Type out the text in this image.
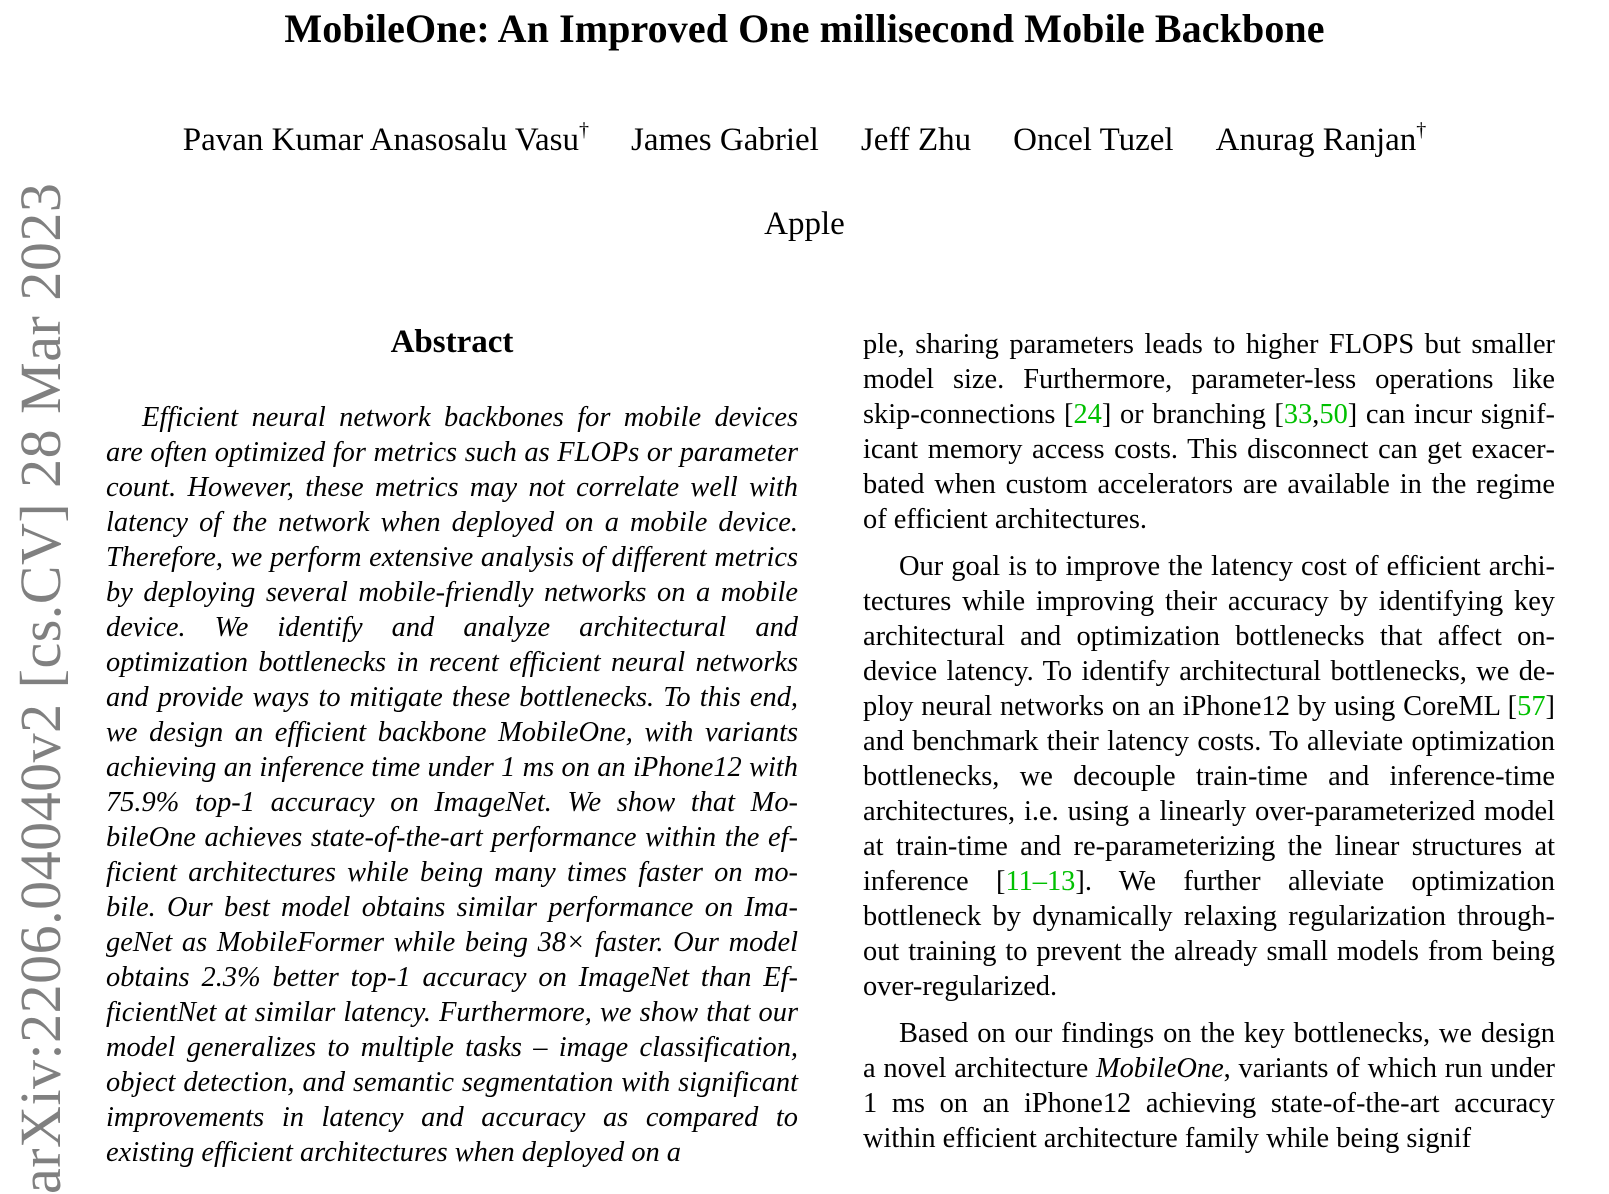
MobileOne: An Improved One millisecond Mobile Backbone
Pavan Kumar Anasosalu Vasu† James Gabriel Jeff Zhu Oncel Tuzel Anurag Ranjan†
Apple
arXiv:2206.04040v2 [cs.CV] 28 Mar 2023	Abstract

Efficient neural network backbones for mobile devices are often optimized for metrics such as FLOPs or parameter count. However, these metrics may not correlate well with latency of the network when deployed on a mobile device. Therefore, we perform extensive analysis of different metrics by deploying several mobile-friendly networks on a mobile device. We identify and analyze architectural and optimization bottlenecks in recent efficient neural networks and provide ways to mitigate these bottlenecks. To this end, we design an efficient backbone MobileOne, with variants achieving an inference time under 1 ms on an iPhone12 with 75.9% top-1 accuracy on ImageNet. We show that MobileOne achieves state-of-the-art performance within the efficient architectures while being many times faster on mobile. Our best model obtains similar performance on ImageNet as MobileFormer while being 38× faster. Our model obtains 2.3% better top-1 accuracy on ImageNet than EfficientNet at similar latency. Furthermore, we show that our model generalizes to multiple tasks – image classification, object detection, and semantic segmentation with significant improvements in latency and accuracy as compared to existing efficient architectures when deployed on a

ple, sharing parameters leads to higher FLOPS but smaller model size. Furthermore, parameter-less operations like skip-connections [24] or branching [33,50] can incur significant memory access costs. This disconnect can get exacerbated when custom accelerators are available in the regime of efficient architectures.

Our goal is to improve the latency cost of efficient architectures while improving their accuracy by identifying key architectural and optimization bottlenecks that affect on-device latency. To identify architectural bottlenecks, we deploy neural networks on an iPhone12 by using CoreML [57] and benchmark their latency costs. To alleviate optimization bottlenecks, we decouple train-time and inference-time architectures, i.e. using a linearly over-parameterized model at train-time and re-parameterizing the linear structures at inference [11–13]. We further alleviate optimization bottleneck by dynamically relaxing regularization throughout training to prevent the already small models from being over-regularized.

Based on our findings on the key bottlenecks, we design a novel architecture MobileOne, variants of which run under 1 ms on an iPhone12 achieving state-of-the-art accuracy within efficient architecture family while being signif
